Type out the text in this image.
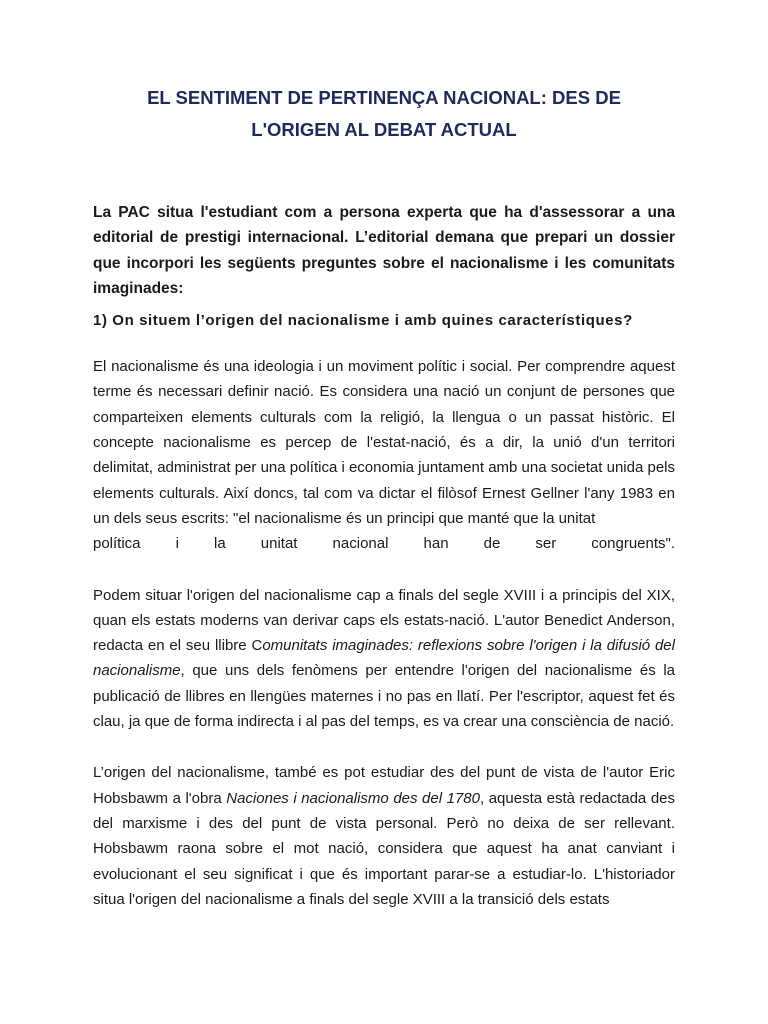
EL SENTIMENT DE PERTINENÇA NACIONAL: DES DE
L'ORIGEN AL DEBAT ACTUAL

La PAC situa l'estudiant com a persona experta que ha d'assessorar a una editorial de prestigi internacional. L’editorial demana que prepari un dossier que incorpori les següents preguntes sobre el nacionalisme i les comunitats imaginades:

1) On situem l’origen del nacionalisme i amb quines característiques?

El nacionalisme és una ideologia i un moviment polític i social. Per comprendre aquest terme és necessari definir nació. Es considera una nació un conjunt de persones que comparteixen elements culturals com la religió, la llengua o un passat històric. El concepte nacionalisme es percep de l'estat-nació, és a dir, la unió d'un territori delimitat, administrat per una política i economia juntament amb una societat unida pels elements culturals. Així doncs, tal com va dictar el filòsof Ernest Gellner l'any 1983 en un dels seus escrits: "el nacionalisme és un principi que manté que la unitat
política i la unitat nacional han de ser congruents".

Podem situar l'origen del nacionalisme cap a finals del segle XVIII i a principis del XIX, quan els estats moderns van derivar caps els estats-nació. L'autor Benedict Anderson, redacta en el seu llibre Comunitats imaginades: reflexions sobre l'origen i la difusió del nacionalisme, que uns dels fenòmens per entendre l'origen del nacionalisme és la publicació de llibres en llengües maternes i no pas en llatí. Per l'escriptor, aquest fet és clau, ja que de forma indirecta i al pas del temps, es va crear una consciència de nació.

L’origen del nacionalisme, també es pot estudiar des del punt de vista de l'autor Eric Hobsbawm a l'obra Naciones i nacionalismo des del 1780, aquesta està redactada des del marxisme i des del punt de vista personal. Però no deixa de ser rellevant. Hobsbawm raona sobre el mot nació, considera que aquest ha anat canviant i evolucionant el seu significat i que és important parar-se a estudiar-lo. L'historiador situa l'origen del nacionalisme a finals del segle XVIII a la transició dels estats
